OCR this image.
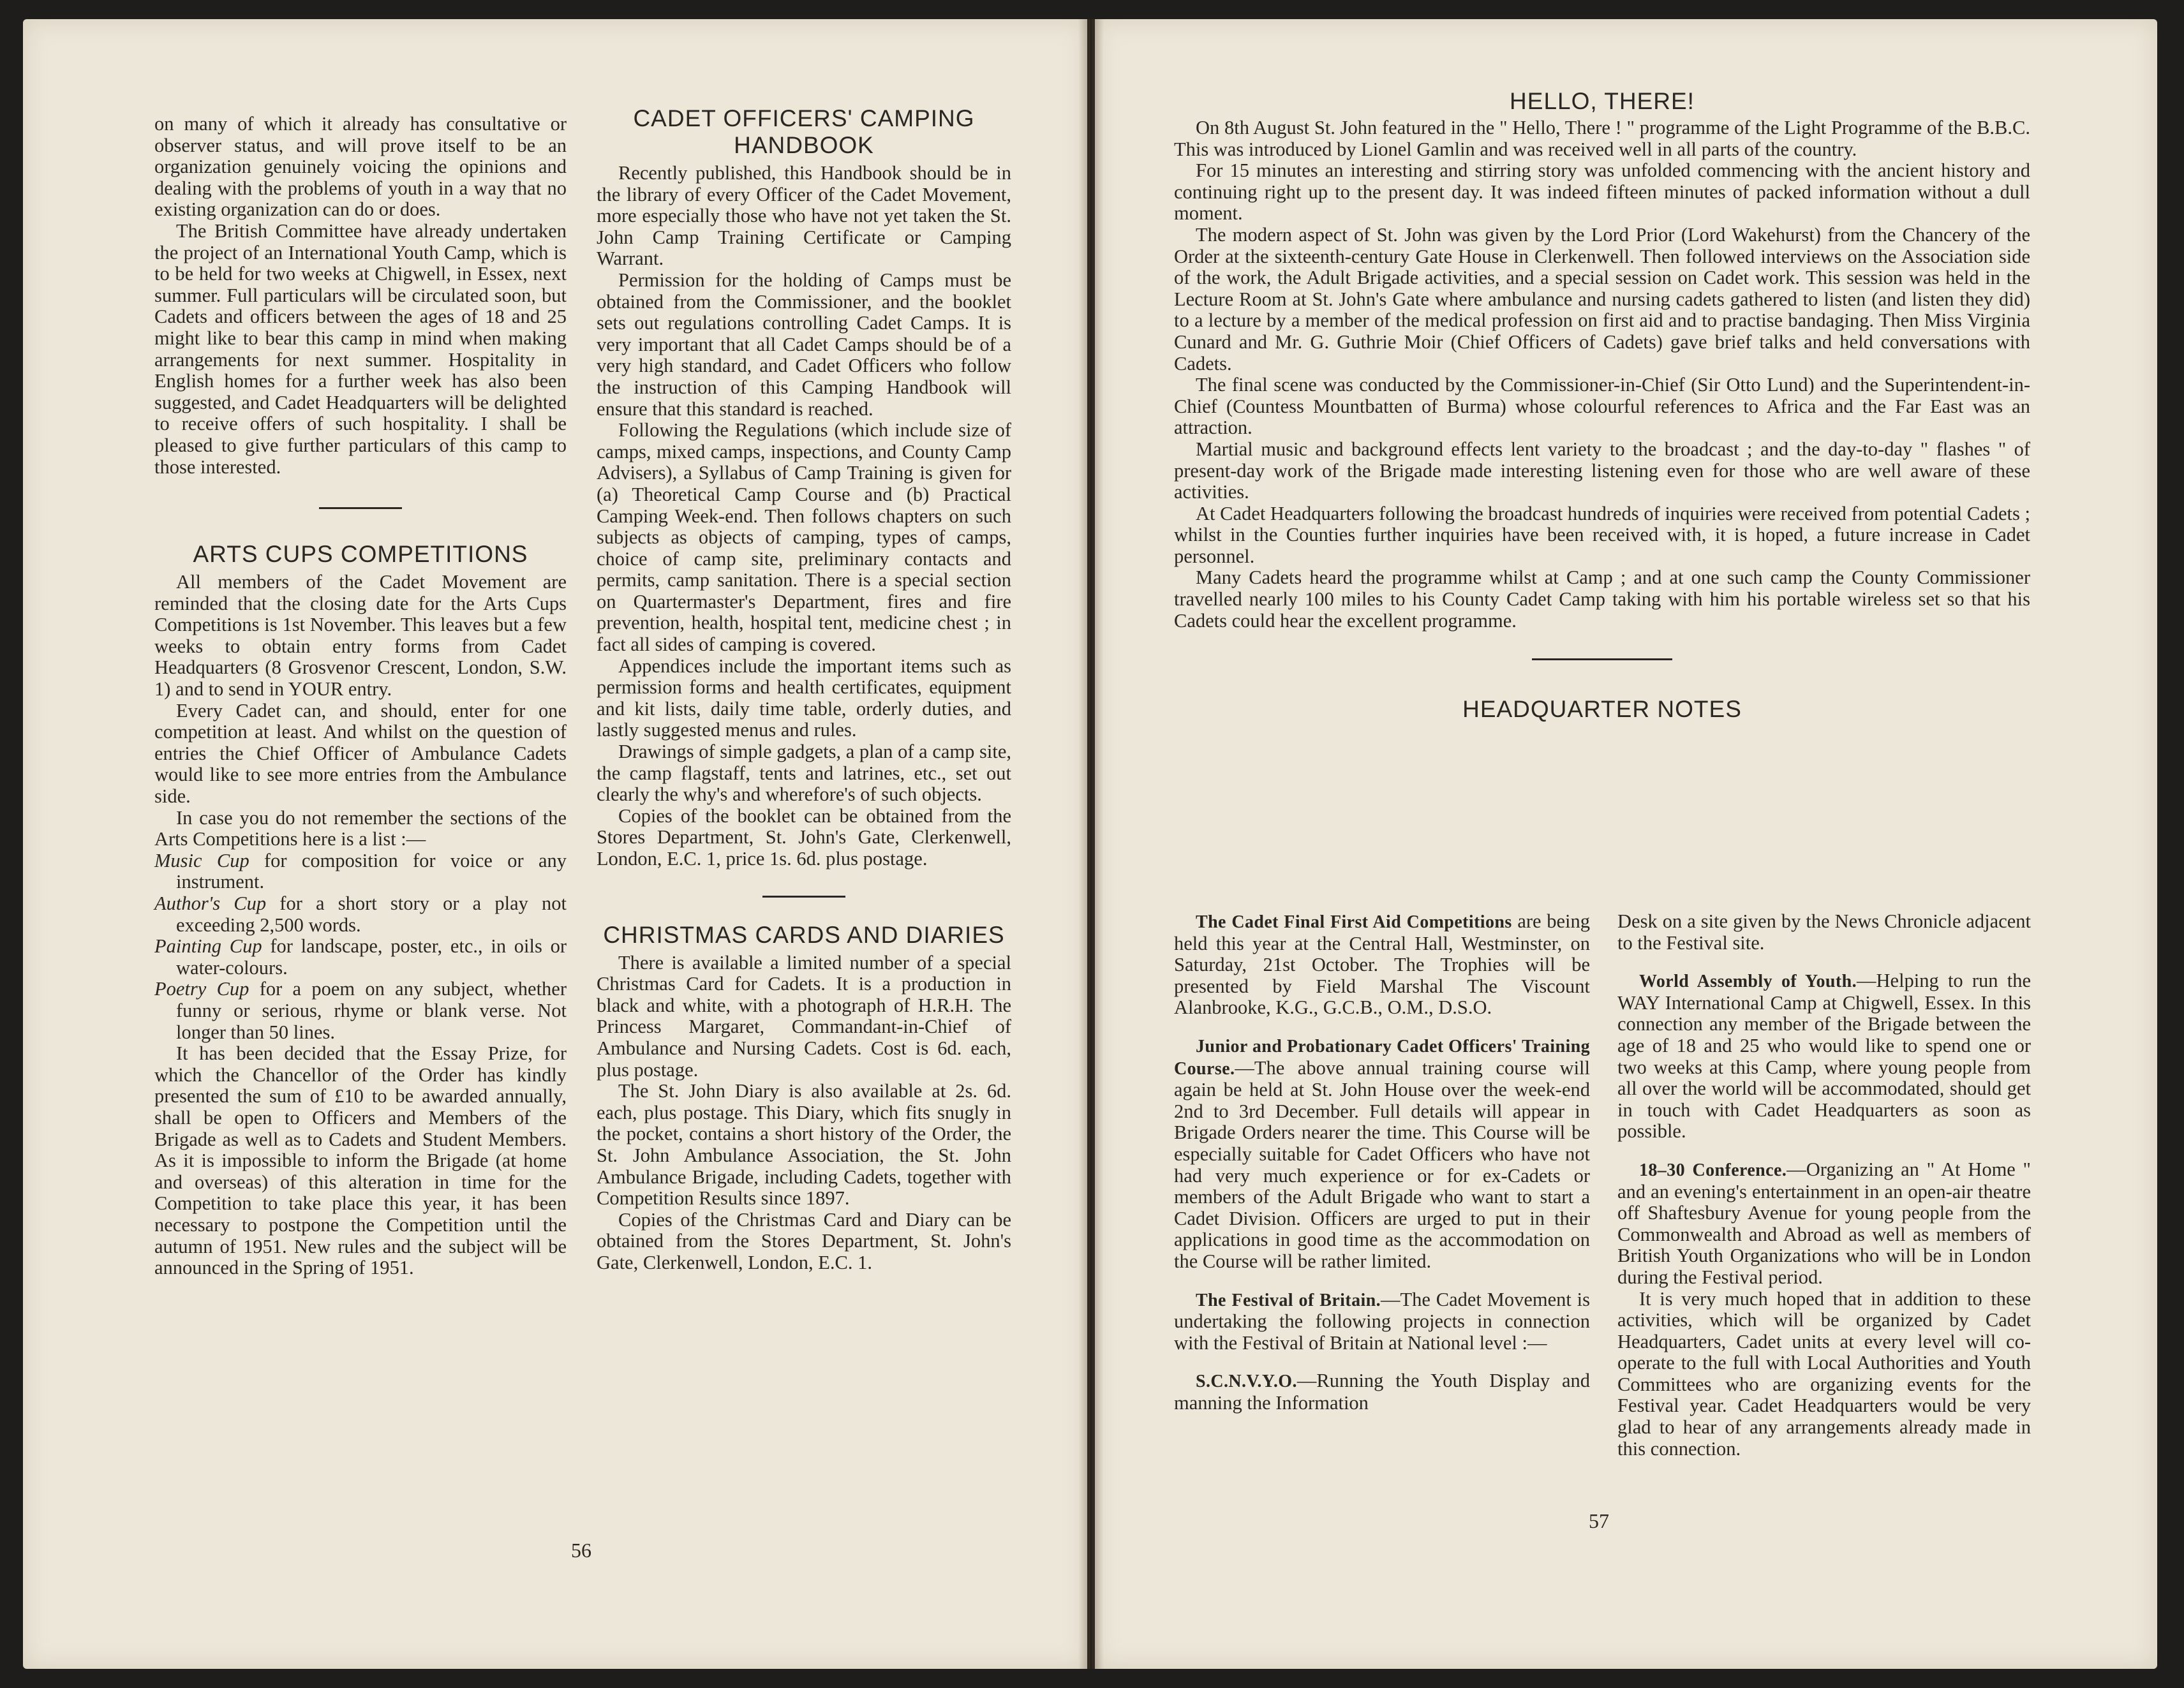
on many of which it already has consultative or observer status, and will prove itself to be an organization genuinely voicing the opinions and dealing with the problems of youth in a way that no existing organization can do or does.

The British Committee have already undertaken the project of an International Youth Camp, which is to be held for two weeks at Chigwell, in Essex, next summer. Full particulars will be circulated soon, but Cadets and officers between the ages of 18 and 25 might like to bear this camp in mind when making arrangements for next summer. Hospitality in English homes for a further week has also been suggested, and Cadet Headquarters will be delighted to receive offers of such hospitality. I shall be pleased to give further particulars of this camp to those interested.

ARTS CUPS COMPETITIONS

All members of the Cadet Movement are reminded that the closing date for the Arts Cups Competitions is 1st November. This leaves but a few weeks to obtain entry forms from Cadet Headquarters (8 Grosvenor Crescent, London, S.W. 1) and to send in YOUR entry.

Every Cadet can, and should, enter for one competition at least. And whilst on the question of entries the Chief Officer of Ambulance Cadets would like to see more entries from the Ambulance side.

In case you do not remember the sections of the Arts Competitions here is a list :—

Music Cup for composition for voice or any instrument.

Author's Cup for a short story or a play not exceeding 2,500 words.

Painting Cup for landscape, poster, etc., in oils or water-colours.

Poetry Cup for a poem on any subject, whether funny or serious, rhyme or blank verse. Not longer than 50 lines.

It has been decided that the Essay Prize, for which the Chancellor of the Order has kindly presented the sum of £10 to be awarded annually, shall be open to Officers and Members of the Brigade as well as to Cadets and Student Members. As it is impossible to inform the Brigade (at home and overseas) of this alteration in time for the Competition to take place this year, it has been necessary to postpone the Competition until the autumn of 1951. New rules and the subject will be announced in the Spring of 1951.

CADET OFFICERS' CAMPING HANDBOOK

Recently published, this Handbook should be in the library of every Officer of the Cadet Movement, more especially those who have not yet taken the St. John Camp Training Certificate or Camping Warrant.

Permission for the holding of Camps must be obtained from the Commissioner, and the booklet sets out regulations controlling Cadet Camps. It is very important that all Cadet Camps should be of a very high standard, and Cadet Officers who follow the instruction of this Camping Handbook will ensure that this standard is reached.

Following the Regulations (which include size of camps, mixed camps, inspections, and County Camp Advisers), a Syllabus of Camp Training is given for (a) Theoretical Camp Course and (b) Practical Camping Week-end. Then follows chapters on such subjects as objects of camping, types of camps, choice of camp site, preliminary contacts and permits, camp sanitation. There is a special section on Quartermaster's Department, fires and fire prevention, health, hospital tent, medicine chest ; in fact all sides of camping is covered.

Appendices include the important items such as permission forms and health certificates, equipment and kit lists, daily time table, orderly duties, and lastly suggested menus and rules.

Drawings of simple gadgets, a plan of a camp site, the camp flagstaff, tents and latrines, etc., set out clearly the why's and wherefore's of such objects.

Copies of the booklet can be obtained from the Stores Department, St. John's Gate, Clerkenwell, London, E.C. 1, price 1s. 6d. plus postage.

CHRISTMAS CARDS AND DIARIES

There is available a limited number of a special Christmas Card for Cadets. It is a production in black and white, with a photograph of H.R.H. The Princess Margaret, Commandant-in-Chief of Ambulance and Nursing Cadets. Cost is 6d. each, plus postage.

The St. John Diary is also available at 2s. 6d. each, plus postage. This Diary, which fits snugly in the pocket, contains a short history of the Order, the St. John Ambulance Association, the St. John Ambulance Brigade, including Cadets, together with Competition Results since 1897.

Copies of the Christmas Card and Diary can be obtained from the Stores Department, St. John's Gate, Clerkenwell, London, E.C. 1.

56
HELLO, THERE!

On 8th August St. John featured in the " Hello, There ! " programme of the Light Programme of the B.B.C. This was introduced by Lionel Gamlin and was received well in all parts of the country.

For 15 minutes an interesting and stirring story was unfolded commencing with the ancient history and continuing right up to the present day. It was indeed fifteen minutes of packed information without a dull moment.

The modern aspect of St. John was given by the Lord Prior (Lord Wakehurst) from the Chancery of the Order at the sixteenth-century Gate House in Clerkenwell. Then followed interviews on the Association side of the work, the Adult Brigade activities, and a special session on Cadet work. This session was held in the Lecture Room at St. John's Gate where ambulance and nursing cadets gathered to listen (and listen they did) to a lecture by a member of the medical profession on first aid and to practise bandaging. Then Miss Virginia Cunard and Mr. G. Guthrie Moir (Chief Officers of Cadets) gave brief talks and held conversations with Cadets.

The final scene was conducted by the Commissioner-in-Chief (Sir Otto Lund) and the Superintendent-in-Chief (Countess Mountbatten of Burma) whose colourful references to Africa and the Far East was an attraction.

Martial music and background effects lent variety to the broadcast ; and the day-to-day " flashes " of present-day work of the Brigade made interesting listening even for those who are well aware of these activities.

At Cadet Headquarters following the broadcast hundreds of inquiries were received from potential Cadets ; whilst in the Counties further inquiries have been received with, it is hoped, a future increase in Cadet personnel.

Many Cadets heard the programme whilst at Camp ; and at one such camp the County Commissioner travelled nearly 100 miles to his County Cadet Camp taking with him his portable wireless set so that his Cadets could hear the excellent programme.

HEADQUARTER NOTES

The Cadet Final First Aid Competitions are being held this year at the Central Hall, Westminster, on Saturday, 21st October. The Trophies will be presented by Field Marshal The Viscount Alanbrooke, K.G., G.C.B., O.M., D.S.O.

Junior and Probationary Cadet Officers' Training Course.—The above annual training course will again be held at St. John House over the week-end 2nd to 3rd December. Full details will appear in Brigade Orders nearer the time. This Course will be especially suitable for Cadet Officers who have not had very much experience or for ex-Cadets or members of the Adult Brigade who want to start a Cadet Division. Officers are urged to put in their applications in good time as the accommodation on the Course will be rather limited.

The Festival of Britain.—The Cadet Movement is undertaking the following projects in connection with the Festival of Britain at National level :—

S.C.N.V.Y.O.—Running the Youth Display and manning the Information

Desk on a site given by the News Chronicle adjacent to the Festival site.

World Assembly of Youth.—Helping to run the WAY International Camp at Chigwell, Essex. In this connection any member of the Brigade between the age of 18 and 25 who would like to spend one or two weeks at this Camp, where young people from all over the world will be accommodated, should get in touch with Cadet Headquarters as soon as possible.

18–30 Conference.—Organizing an " At Home " and an evening's entertainment in an open-air theatre off Shaftesbury Avenue for young people from the Commonwealth and Abroad as well as members of British Youth Organizations who will be in London during the Festival period.

It is very much hoped that in addition to these activities, which will be organized by Cadet Headquarters, Cadet units at every level will co-operate to the full with Local Authorities and Youth Committees who are organizing events for the Festival year. Cadet Headquarters would be very glad to hear of any arrangements already made in this connection.

57
